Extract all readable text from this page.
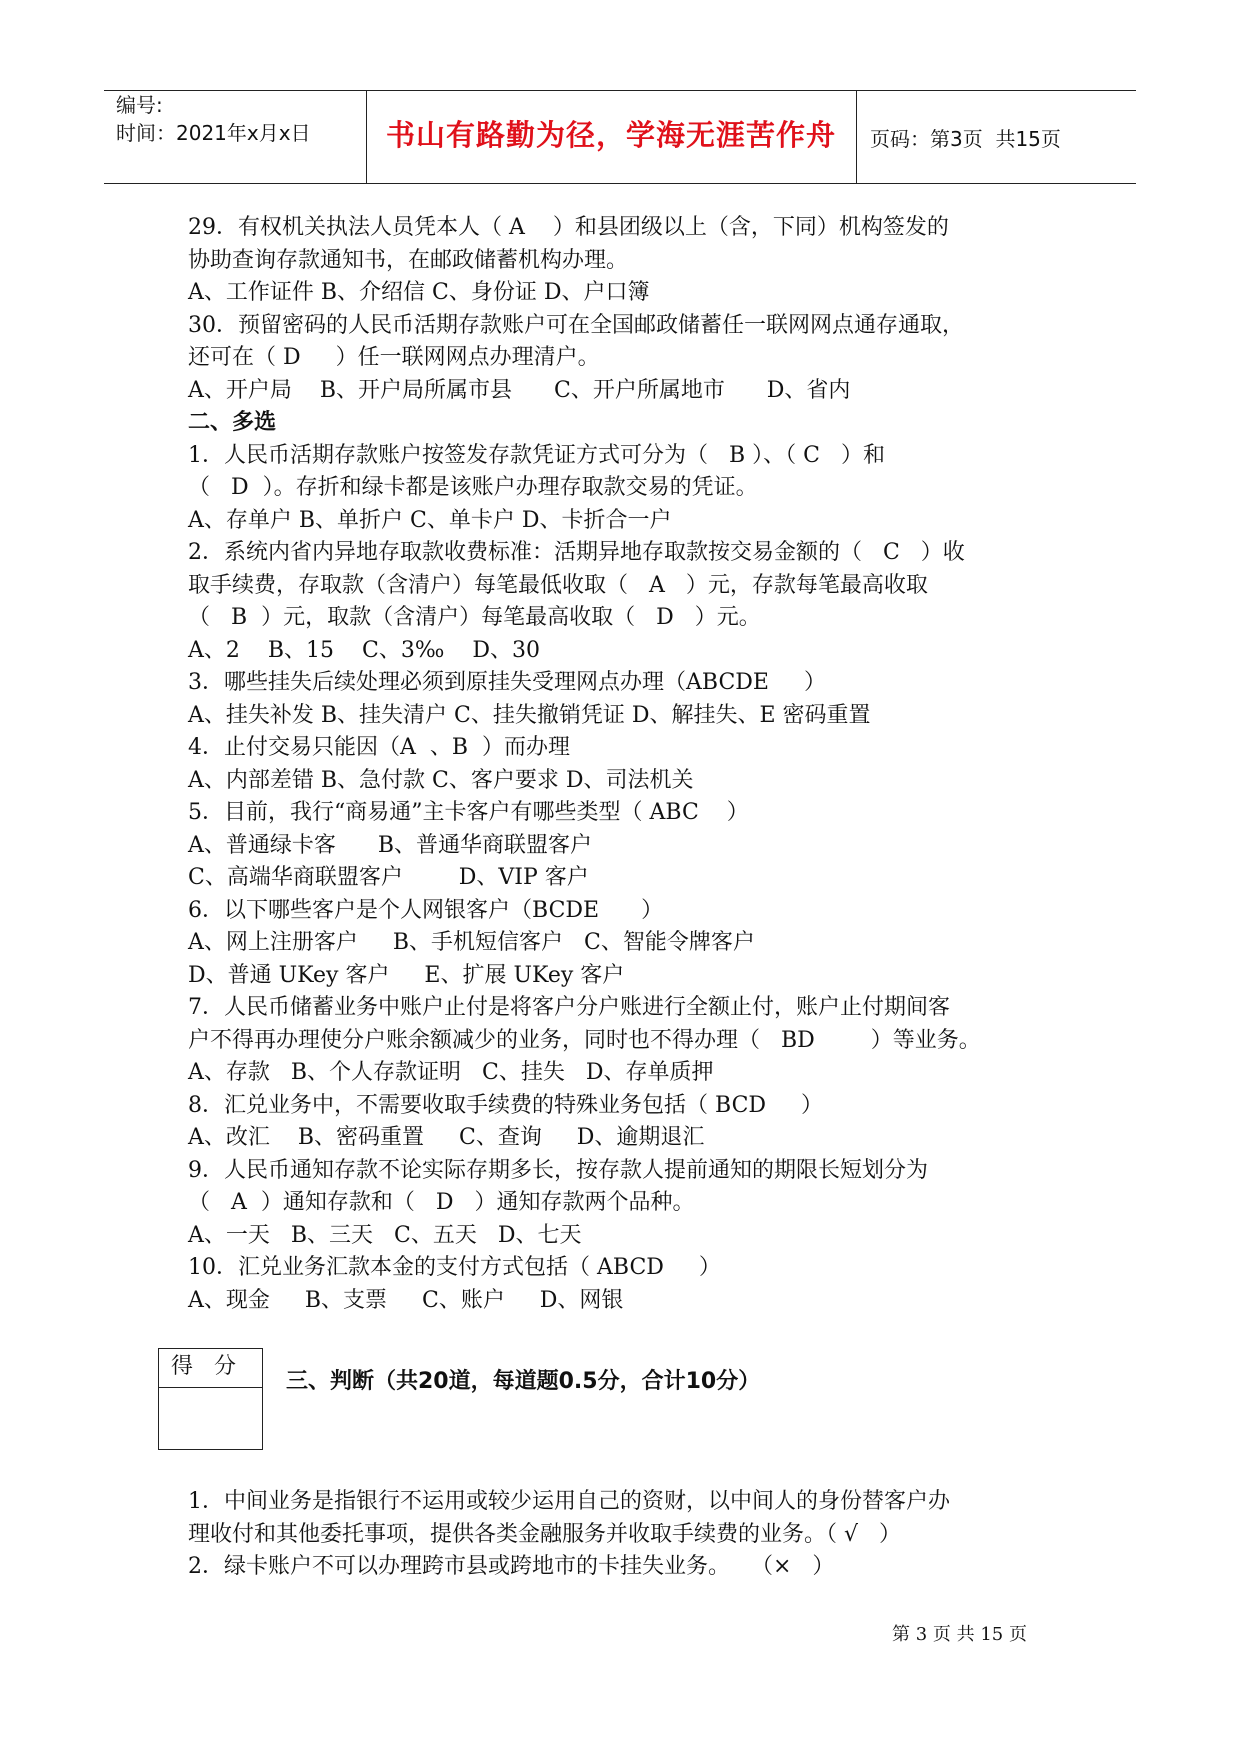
编号:
时间：2021年x月x日	书山有路勤为径，学海无涯苦作舟	页码：第3页  共15页
29．有权机关执法人员凭本人（ A    ）和县团级以上（含，下同）机构签发的
协助查询存款通知书，在邮政储蓄机构办理。
A、工作证件 B、介绍信 C、身份证 D、户口簿
30．预留密码的人民币活期存款账户可在全国邮政储蓄任一联网网点通存通取，
还可在（ D     ）任一联网网点办理清户。
A、开户局    B、开户局所属市县      C、开户所属地市      D、省内
二、多选
1．人民币活期存款账户按签发存款凭证方式可分为（   B ）、（ C   ）和
（   D  ）。存折和绿卡都是该账户办理存取款交易的凭证。
A、存单户 B、单折户 C、单卡户 D、卡折合一户
2．系统内省内异地存取款收费标准：活期异地存取款按交易金额的（   C   ）收
取手续费，存取款（含清户）每笔最低收取（   A   ）元，存款每笔最高收取
（   B  ）元，取款（含清户）每笔最高收取（   D   ）元。
A、2    B、15    C、3‰    D、30
3．哪些挂失后续处理必须到原挂失受理网点办理（ABCDE     ）
A、挂失补发 B、挂失清户 C、挂失撤销凭证 D、解挂失、E 密码重置
4．止付交易只能因（A  、B  ）而办理
A、内部差错 B、急付款 C、客户要求 D、司法机关
5．目前，我行“商易通”主卡客户有哪些类型（ ABC    ）
A、普通绿卡客      B、普通华商联盟客户
C、高端华商联盟客户        D、VIP 客户
6．以下哪些客户是个人网银客户（BCDE      ）
A、网上注册客户     B、手机短信客户   C、智能令牌客户
D、普通 UKey 客户     E、扩展 UKey 客户
7．人民币储蓄业务中账户止付是将客户分户账进行全额止付，账户止付期间客
户不得再办理使分户账余额减少的业务，同时也不得办理（   BD        ）等业务。
A、存款   B、个人存款证明   C、挂失   D、存单质押
8．汇兑业务中，不需要收取手续费的特殊业务包括（ BCD     ）
A、改汇    B、密码重置     C、查询     D、逾期退汇
9．人民币通知存款不论实际存期多长，按存款人提前通知的期限长短划分为
（   A  ）通知存款和（   D   ）通知存款两个品种。
A、一天   B、三天   C、五天   D、七天
10．汇兑业务汇款本金的支付方式包括（ ABCD     ）
A、现金     B、支票     C、账户     D、网银
得   分
三、判断（共20道，每道题0.5分，合计10分）
1．中间业务是指银行不运用或较少运用自己的资财，以中间人的身份替客户办
理收付和其他委托事项，提供各类金融服务并收取手续费的业务。（ √   ）
2．绿卡账户不可以办理跨市县或跨地市的卡挂失业务。   （×   ）
第 3 页 共 15 页
